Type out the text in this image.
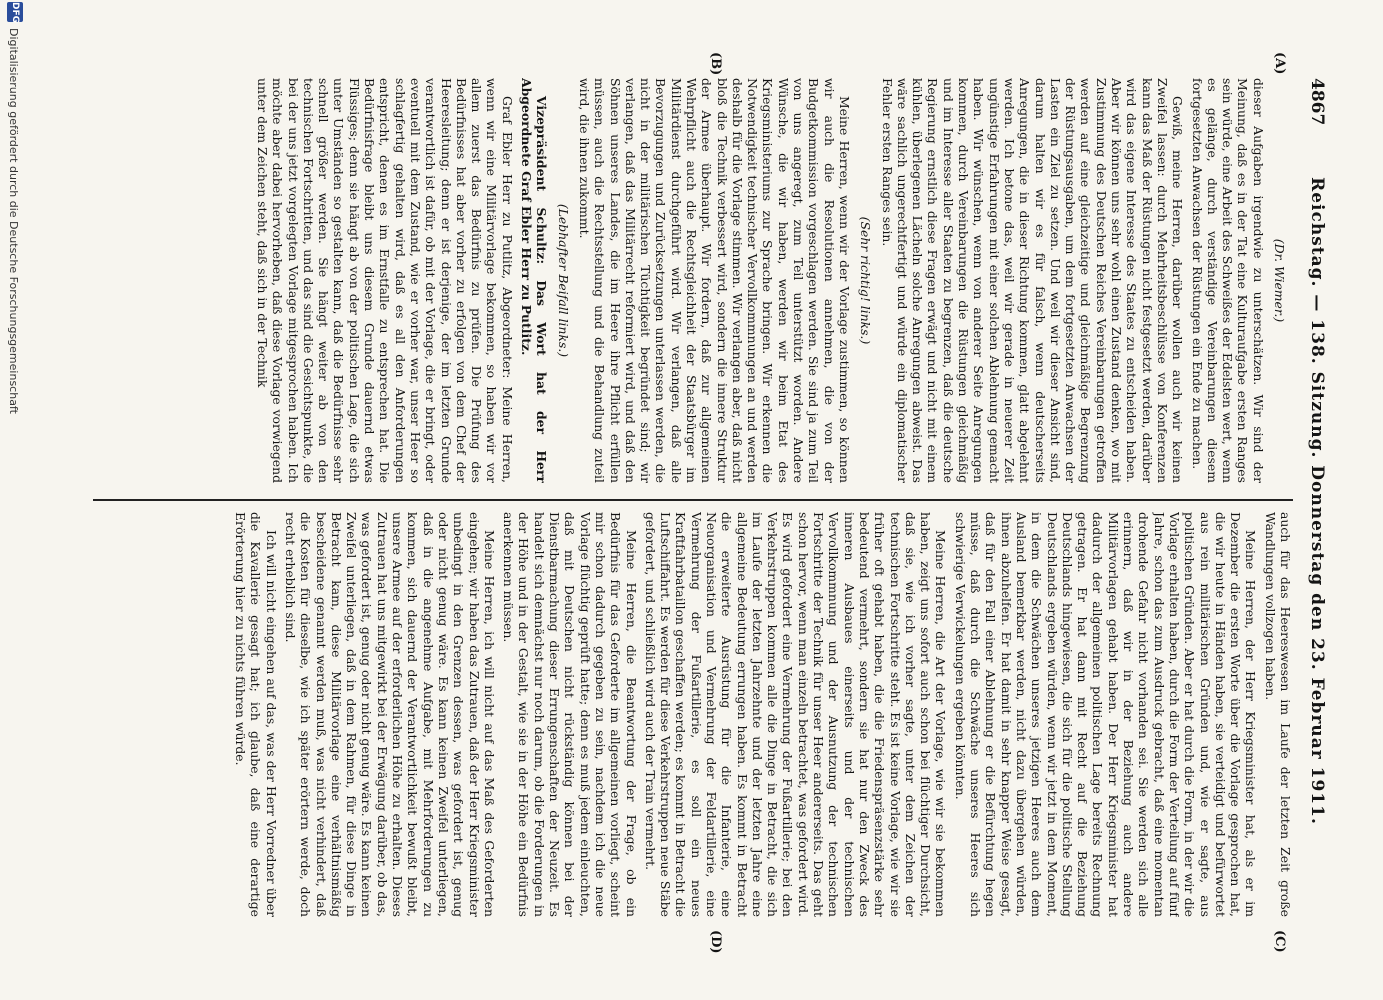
4867
Reichstag. — 138. Sitzung. Donnerstag den 23. Februar 1911.
(A)
(B)
(C)
(D)

(Dr. Wiemer.)

dieser Aufgaben irgendwie zu unterschätzen. Wir sind der Meinung, daß es in der Tat eine Kulturaufgabe ersten Ranges sein würde, eine Arbeit des Schweißes der Edelsten wert, wenn es gelänge, durch verständige Vereinbarungen diesem fortgesetzten Anwachsen der Rüstungen ein Ende zu machen.

Gewiß, meine Herren, darüber wollen auch wir keinen Zweifel lassen: durch Mehrheitsbeschlüsse von Konferenzen kann das Maß der Rüstungen nicht festgesetzt werden, darüber wird das eigene Interesse des Staates zu entscheiden haben. Aber wir können uns sehr wohl einen Zustand denken, wo mit Zustimmung des Deutschen Reiches Vereinbarungen getroffen werden auf eine gleichzeitige und gleichmäßige Begrenzung der Rüstungsausgaben, um dem fortgesetzten Anwachsen der Lasten ein Ziel zu setzen. Und weil wir dieser Ansicht sind, darum halten wir es für falsch, wenn deutscherseits Anregungen, die in dieser Richtung kommen, glatt abgelehnt werden. Ich betone das, weil wir gerade in neuerer Zeit ungünstige Erfahrungen mit einer solchen Ablehnung gemacht haben. Wir wünschen, wenn von anderer Seite Anregungen kommen, durch Vereinbarungen die Rüstungen gleichmäßig und im Interesse aller Staaten zu begrenzen, daß die deutsche Regierung ernstlich diese Fragen erwägt und nicht mit einem kühlen, überlegenen Lächeln solche Anregungen abweist. Das wäre sachlich ungerechtfertigt und würde ein diplomatischer Fehler ersten Ranges sein.

(Sehr richtig! links.)

Meine Herren, wenn wir der Vorlage zustimmen, so können wir auch die Resolutionen annehmen, die von der Budgetkommission vorgeschlagen werden. Sie sind ja zum Teil von uns angeregt, zum Teil unterstützt worden. Andere Wünsche, die wir haben, werden wir beim Etat des Kriegsministeriums zur Sprache bringen. Wir erkennen die Notwendigkeit technischer Vervollkommnungen an und werden deshalb für die Vorlage stimmen. Wir verlangen aber, daß nicht bloß die Technik verbessert wird, sondern die innere Struktur der Armee überhaupt. Wir fordern, daß zur allgemeinen Wehrpflicht auch die Rechtsgleichheit der Staatsbürger im Militärdienst durchgeführt wird. Wir verlangen, daß alle Bevorzugungen und Zurücksetzungen unterlassen werden, die nicht in der militärischen Tüchtigkeit begründet sind; wir verlangen, daß das Militärrecht reformiert wird, und daß den Söhnen unseres Landes, die im Heere ihre Pflicht erfüllen müssen, auch die Rechtsstellung und die Behandlung zuteil wird, die ihnen zukommt.

(Lebhafter Beifall links.)

Vizepräsident Schultz: Das Wort hat der Herr Abgeordnete Graf Ebler Herr zu Putlitz.

Graf Ebler Herr zu Putlitz, Abgeordneter: Meine Herren, wenn wir eine Militärvorlage bekommen, so haben wir vor allem zuerst das Bedürfnis zu prüfen. Die Prüfung des Bedürfnisses hat aber vorher zu erfolgen von dem Chef der Heeresleitung; denn er ist derjenige, der im letzten Grunde verantwortlich ist dafür, ob mit der Vorlage, die er bringt, oder eventuell mit dem Zustand, wie er vorher war, unser Heer so schlagfertig gehalten wird, daß es all den Anforderungen entspricht, denen es im Ernstfalle zu entsprechen hat. Die Bedürfnisfrage bleibt uns diesem Grunde dauernd etwas Flüssiges; denn sie hängt ab von der politischen Lage, die sich unter Umständen so gestalten kann, daß die Bedürfnisse sehr schnell größer werden. Sie hängt weiter ab von den technischen Fortschritten, und das sind die Gesichtspunkte, die bei der uns jetzt vorgelegten Vorlage mitgesprochen haben. Ich möchte aber dabei hervorheben, daß diese Vorlage vorwiegend unter dem Zeichen steht, daß sich in der Technik

auch für das Heereswesen im Laufe der letzten Zeit große Wandlungen vollzogen haben.

Meine Herren, der Herr Kriegsminister hat, als er im Dezember die ersten Worte über die Vorlage gesprochen hat, die wir heute in Händen haben, sie verteidigt und befürwortet aus rein militärischen Gründen und, wie er sagte, aus politischen Gründen. Aber er hat durch die Form, in der wir die Vorlage erhalten haben, durch die Form der Verteilung auf fünf Jahre, schon das zum Ausdruck gebracht, daß eine momentan drohende Gefahr nicht vorhanden sei. Sie werden sich alle erinnern, daß wir in der Beziehung auch andere Militärvorlagen gehabt haben. Der Herr Kriegsminister hat dadurch der allgemeinen politischen Lage bereits Rechnung getragen. Er hat dann mit Recht auf die Beziehung Deutschlands hingewiesen, die sich für die politische Stellung Deutschlands ergeben würden, wenn wir jetzt in dem Moment, in dem die Schwächen unseres jetzigen Heeres auch dem Ausland bemerkbar werden, nicht dazu übergehen würden, ihnen abzuhelfen. Er hat damit in sehr knapper Weise gesagt, daß für den Fall einer Ablehnung er die Befürchtung hegen müsse, daß durch die Schwäche unseres Heeres sich schwierige Verwickelungen ergeben könnten.

Meine Herren, die Art der Vorlage, wie wir sie bekommen haben, zeigt uns sofort auch schon bei flüchtiger Durchsicht, daß sie, wie ich vorher sagte, unter dem Zeichen der technischen Fortschritte steht. Es ist keine Vorlage, wie wir sie früher oft gehabt haben, die die Friedenspräsenzstärke sehr bedeutend vermehrt, sondern sie hat nur den Zweck des inneren Ausbaues einerseits und der technischen Vervollkommnung und der Ausnutzung der technischen Fortschritte der Technik für unser Heer andererseits. Das geht schon hervor, wenn man einzeln betrachtet, was gefordert wird. Es wird gefordert eine Vermehrung der Fußartillerie; bei den Verkehrstruppen kommen alle die Dinge in Betracht, die sich im Laufe der letzten Jahrzehnte und der letzten Jahre eine allgemeine Bedeutung errungen haben. Es kommt in Betracht die erweiterte Ausrüstung für die Infanterie, eine Neuorganisation und Vermehrung der Feldartillerie, eine Vermehrung der Fußartillerie, es soll ein neues Kraftfahrbataillon geschaffen werden; es kommt in Betracht die Luftschiffahrt. Es werden für diese Verkehrstruppen neue Stäbe gefordert, und schließlich wird auch der Train vermehrt.

Meine Herren, die Beantwortung der Frage, ob ein Bedürfnis für das Geforderte im allgemeinen vorliegt, scheint mir schon dadurch gegeben zu sein, nachdem ich die neue Vorlage flüchtig geprüft hatte; denn es muß jedem einleuchten, daß mit Deutschen nicht rückständig können bei der Dienstbarmachung dieser Errungenschaften der Neuzeit. Es handelt sich demnächst nur noch darum, ob die Forderungen in der Höhe und in der Gestalt, wie sie in der Höhe ein Bedürfnis anerkennen müssen.

Meine Herren, ich will nicht auf das Maß des Geforderten eingehen; wir haben das Zutrauen, daß der Herr Kriegsminister unbedingt in den Grenzen dessen, was gefordert ist, genug oder nicht genug wäre. Es kann keinen Zweifel unterliegen, daß in die angenehme Aufgabe, mit Mehrforderungen zu kommen, sich dauernd der Verantwortlichkeit bewußt bleibt, unsere Armee auf der erforderlichen Höhe zu erhalten. Dieses Zutrauen hat uns mitgewirkt bei der Erwägung darüber, ob das, was gefordert ist, genug oder nicht genug wäre. Es kann keinen Zweifel unterliegen, daß in dem Rahmen, für diese Dinge in Betracht kam, diese Militärvorlage eine verhältnismäßig bescheidene genannt werden muß, was nicht verhindert, daß die Kosten für dieselbe, wie ich später erörtern werde, doch recht erheblich sind.

Ich will nicht eingehen auf das, was der Herr Vorredner über die Kavallerie gesagt hat; ich glaube, daß eine derartige Erörterung hier zu nichts führen würde.

DFG
Digitalisierung gefördert durch die Deutsche Forschungsgemeinschaft
